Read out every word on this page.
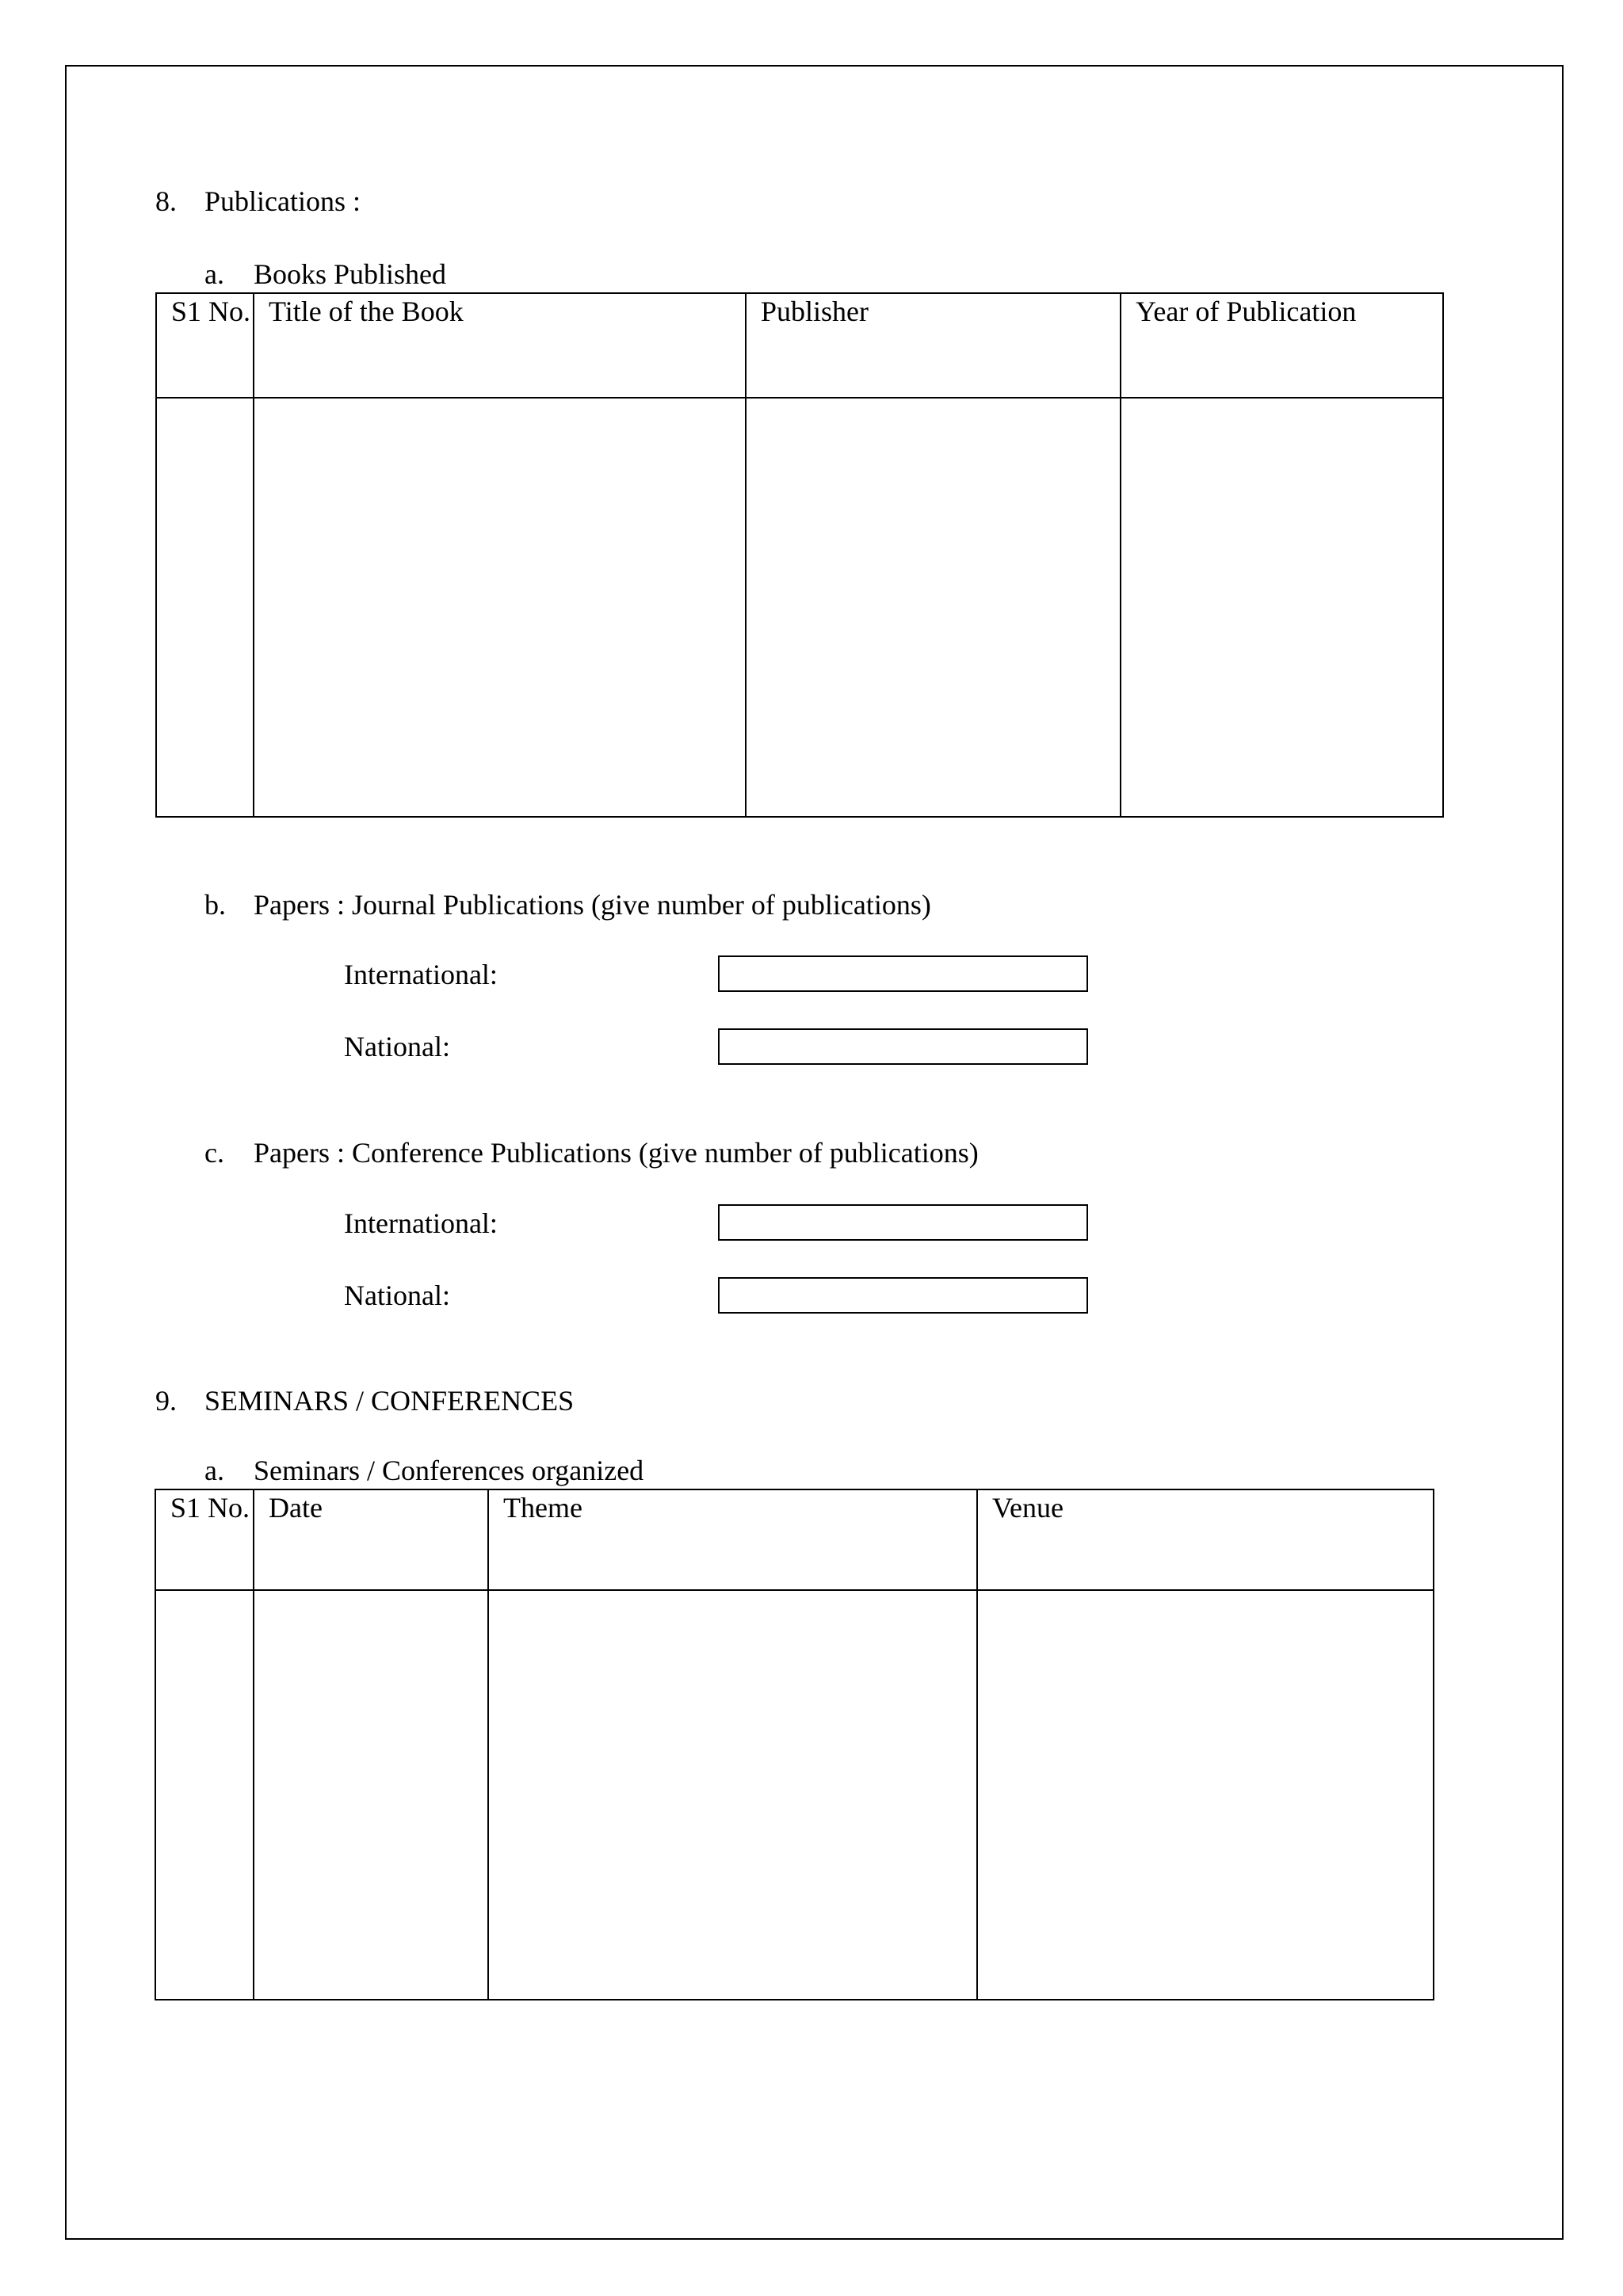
8. Publications :
a. Books Published
S1 No.	Title of the Book	Publisher	Year of Publication

b. Papers : Journal Publications (give number of publications)
International:
National:
c. Papers : Conference Publications (give number of publications)
International:
National:
9. SEMINARS / CONFERENCES
a. Seminars / Conferences organized
S1 No.	Date	Theme	Venue
